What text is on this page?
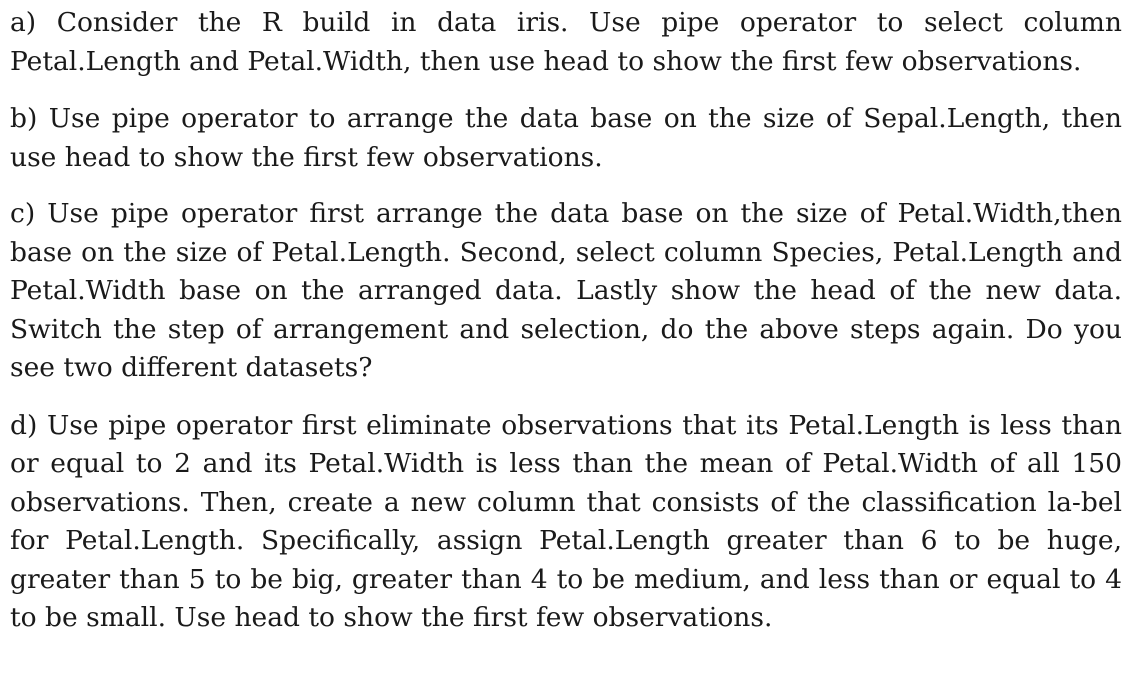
a) Consider the R build in data iris. Use pipe operator to select column Petal.Length and Petal.Width, then use head to show the first few observations.

b) Use pipe operator to arrange the data base on the size of Sepal.Length, then use head to show the first few observations.

c) Use pipe operator first arrange the data base on the size of Petal.Width,then base on the size of Petal.Length. Second, select column Species, Petal.Length and Petal.Width base on the arranged data. Lastly show the head of the new data. Switch the step of arrangement and selection, do the above steps again. Do you see two different datasets?

d) Use pipe operator first eliminate observations that its Petal.Length is less than or equal to 2 and its Petal.Width is less than the mean of Petal.Width of all 150 observations. Then, create a new column that consists of the classification la-bel for Petal.Length. Specifically, assign Petal.Length greater than 6 to be huge, greater than 5 to be big, greater than 4 to be medium, and less than or equal to 4 to be small. Use head to show the first few observations.
